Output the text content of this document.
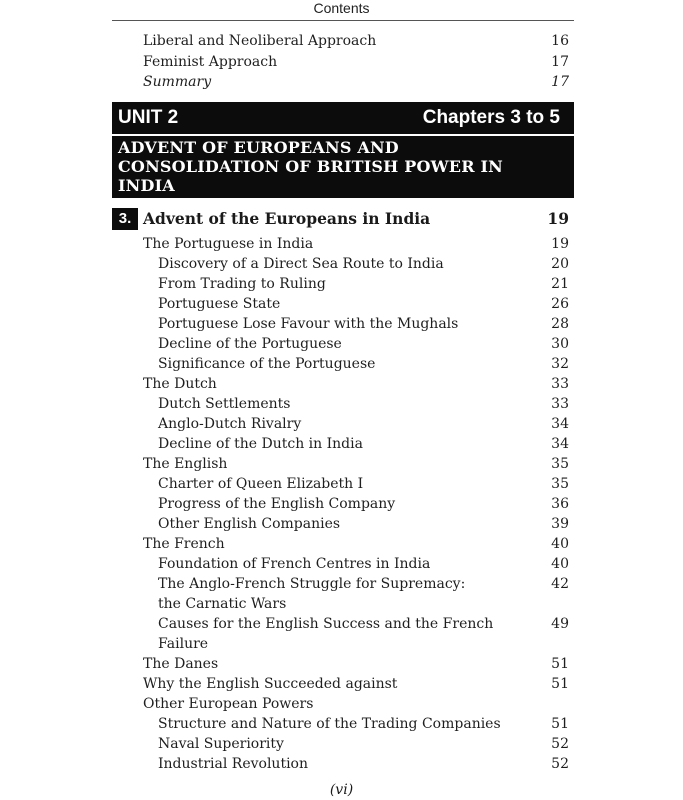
Contents
Liberal and Neoliberal Approach	16
Feminist Approach	17
Summary	17
UNIT 2	Chapters 3 to 5
ADVENT OF EUROPEANS AND CONSOLIDATION OF BRITISH POWER IN INDIA
3. Advent of the Europeans in India	19
The Portuguese in India	19
Discovery of a Direct Sea Route to India	20
From Trading to Ruling	21
Portuguese State	26
Portuguese Lose Favour with the Mughals	28
Decline of the Portuguese	30
Significance of the Portuguese	32
The Dutch	33
Dutch Settlements	33
Anglo-Dutch Rivalry	34
Decline of the Dutch in India	34
The English	35
Charter of Queen Elizabeth I	35
Progress of the English Company	36
Other English Companies	39
The French	40
Foundation of French Centres in India	40
The Anglo-French Struggle for Supremacy:	42
the Carnatic Wars
Causes for the English Success and the French	49
Failure
The Danes	51
Why the English Succeeded against	51
Other European Powers
Structure and Nature of the Trading Companies	51
Naval Superiority	52
Industrial Revolution	52
(vi)
